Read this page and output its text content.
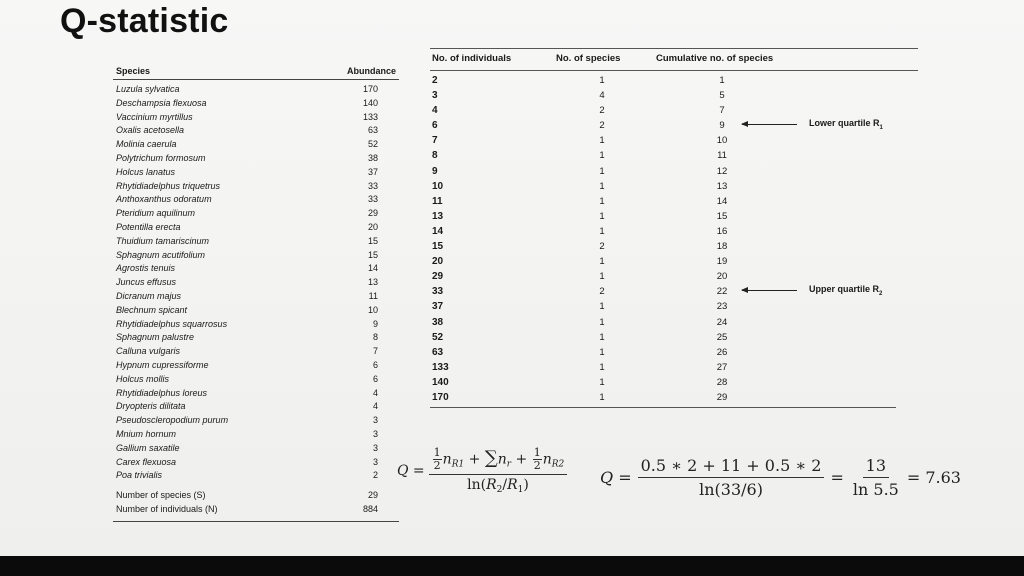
Q-statistic
Species	Abundance
Luzula sylvatica	170
Deschampsia flexuosa	140
Vaccinium myrtillus	133
Oxalis acetosella	63
Molinia caerula	52
Polytrichum formosum	38
Holcus lanatus	37
Rhytidiadelphus triquetrus	33
Anthoxanthus odoratum	33
Pteridium aquilinum	29
Potentilla erecta	20
Thuidium tamariscinum	15
Sphagnum acutifolium	15
Agrostis tenuis	14
Juncus effusus	13
Dicranum majus	11
Blechnum spicant	10
Rhytidiadelphus squarrosus	9
Sphagnum palustre	8
Calluna vulgaris	7
Hypnum cupressiforme	6
Holcus mollis	6
Rhytidiadelphus loreus	4
Dryopteris dilitata	4
Pseudoscleropodium purum	3
Mnium hornum	3
Gallium saxatile	3
Carex flexuosa	3
Poa trivialis	2
Number of species (S)	29
Number of individuals (N)	884
No. of individuals	No. of species	Cumulative no. of species
2	1	1
3	4	5
4	2	7
6	2	9
7	1	10
8	1	11
9	1	12
10	1	13
11	1	14
13	1	15
14	1	16
15	2	18
20	1	19
29	1	20
33	2	22
37	1	23
38	1	24
52	1	25
63	1	26
133	1	27
140	1	28
170	1	29
Lower quartile $R_1$
Upper quartile $R_2$
$Q = \frac{\frac{1}{2} n_{R1} + \sum n_r + \frac{1}{2} n_{R2}}{\ln(R_2/R_1)}$ $Q = \frac{0.5 ∗ 2 + 11 + 0.5 ∗ 2}{\ln(33/6)} = \frac{13}{\ln 5.5} = 7.63$
